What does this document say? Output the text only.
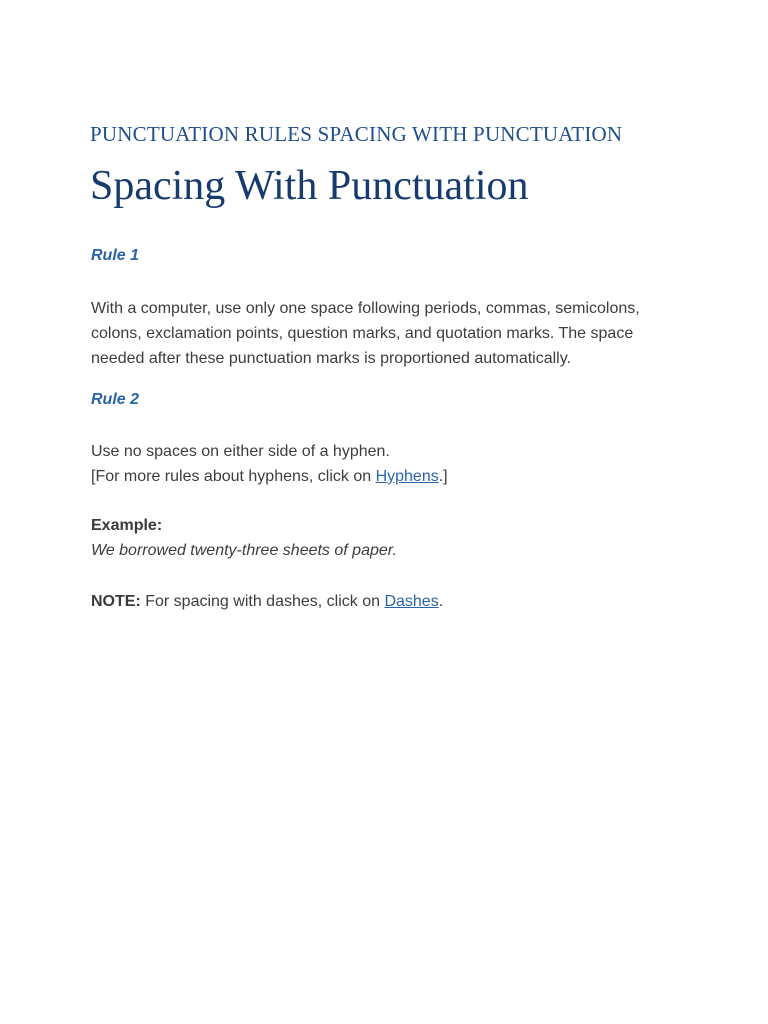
PUNCTUATION RULES SPACING WITH PUNCTUATION
Spacing With Punctuation
Rule 1

With a computer, use only one space following periods, commas, semicolons, colons, exclamation points, question marks, and quotation marks. The space needed after these punctuation marks is proportioned automatically.

Rule 2
Use no spaces on either side of a hyphen.
[For more rules about hyphens, click on Hyphens.]
Example:
We borrowed twenty-three sheets of paper.
NOTE: For spacing with dashes, click on Dashes.
